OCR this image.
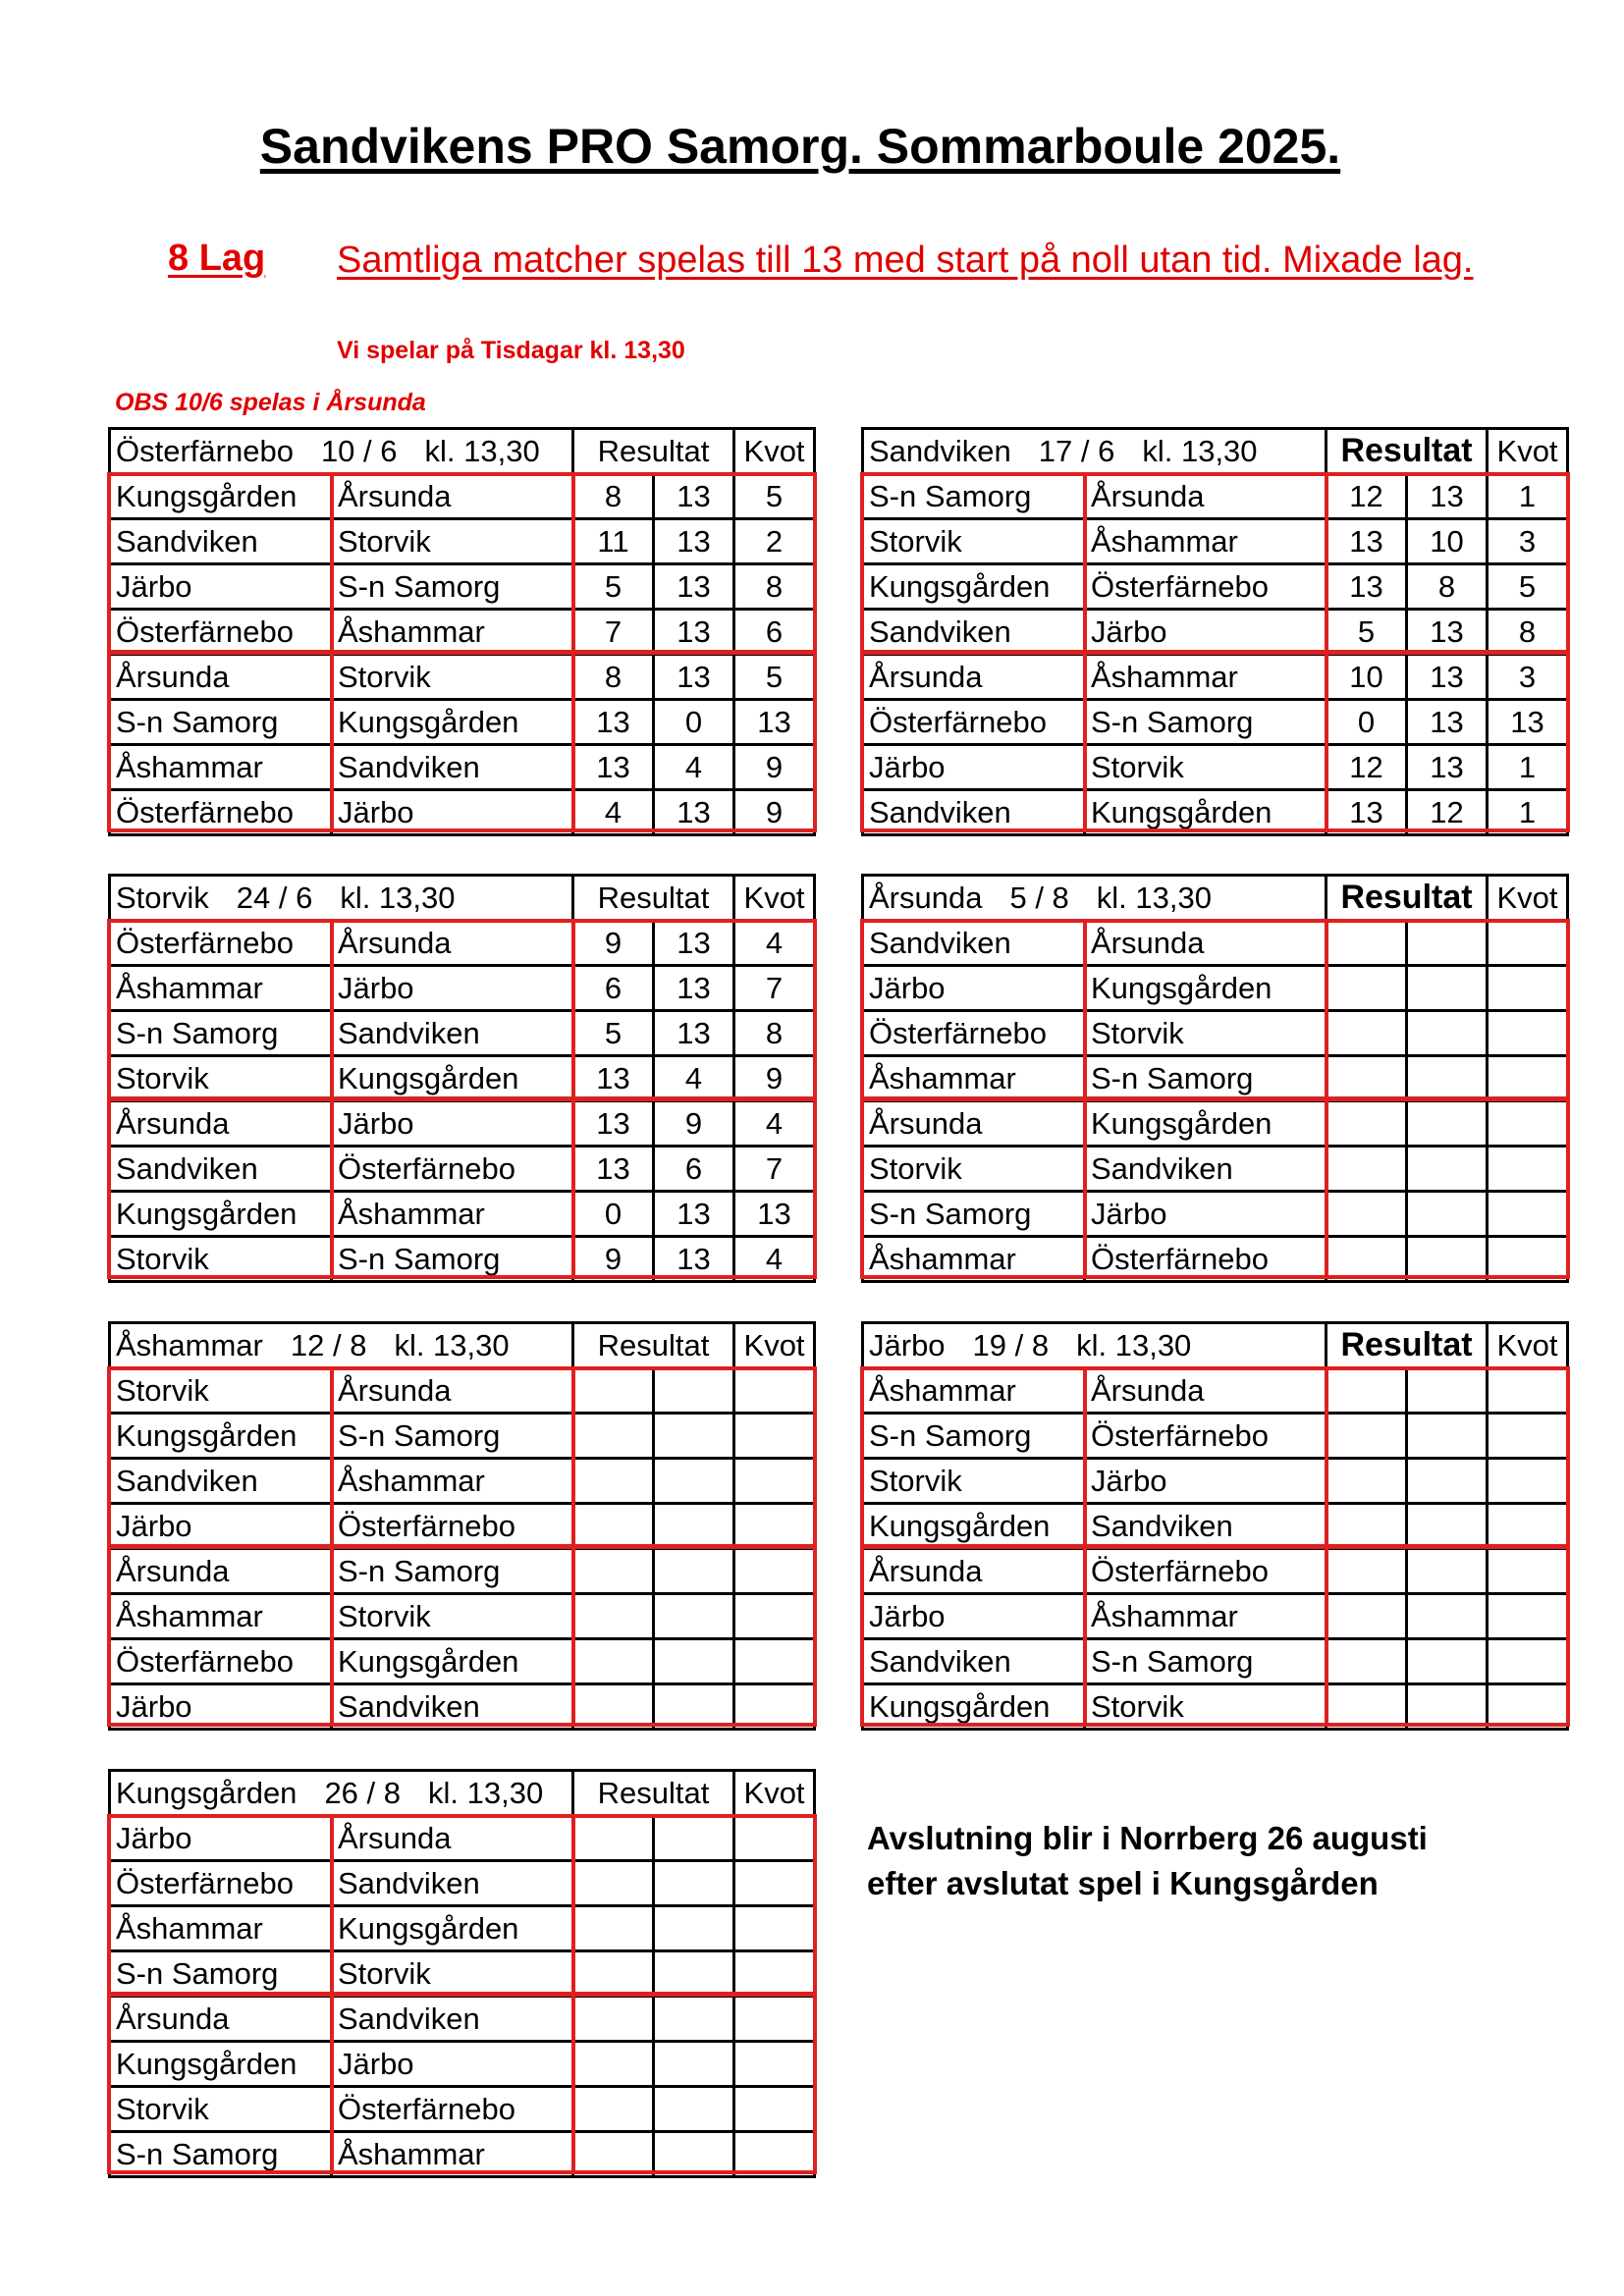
Sandvikens PRO Samorg. Sommarboule 2025.
8 Lag Samtliga matcher spelas till 13 med start på noll utan tid. Mixade lag.
Vi spelar på Tisdagar kl. 13,30
OBS 10/6 spelas i Årsunda
Avslutning blir i Norrberg 26 augusti
efter avslutat spel i Kungsgården
Österfärnebo 10 / 6 kl. 13,30		Resultat		Kvot
Kungsgården	Årsunda	8	13	5
Sandviken	Storvik	11	13	2
Järbo	S-n Samorg	5	13	8
Österfärnebo	Åshammar	7	13	6
Årsunda	Storvik	8	13	5
S-n Samorg	Kungsgården	13	0	13
Åshammar	Sandviken	13	4	9
Österfärnebo	Järbo	4	13	9
Sandviken 17 / 6 kl. 13,30		Resultat		Kvot
S-n Samorg	Årsunda	12	13	1
Storvik	Åshammar	13	10	3
Kungsgården	Österfärnebo	13	8	5
Sandviken	Järbo	5	13	8
Årsunda	Åshammar	10	13	3
Österfärnebo	S-n Samorg	0	13	13
Järbo	Storvik	12	13	1
Sandviken	Kungsgården	13	12	1
Storvik 24 / 6 kl. 13,30		Resultat		Kvot
Österfärnebo	Årsunda	9	13	4
Åshammar	Järbo	6	13	7
S-n Samorg	Sandviken	5	13	8
Storvik	Kungsgården	13	4	9
Årsunda	Järbo	13	9	4
Sandviken	Österfärnebo	13	6	7
Kungsgården	Åshammar	0	13	13
Storvik	S-n Samorg	9	13	4
Årsunda 5 / 8 kl. 13,30		Resultat		Kvot
Sandviken	Årsunda			
Järbo	Kungsgården			
Österfärnebo	Storvik			
Åshammar	S-n Samorg			
Årsunda	Kungsgården			
Storvik	Sandviken			
S-n Samorg	Järbo			
Åshammar	Österfärnebo			
Åshammar 12 / 8 kl. 13,30		Resultat		Kvot
Storvik	Årsunda			
Kungsgården	S-n Samorg			
Sandviken	Åshammar			
Järbo	Österfärnebo			
Årsunda	S-n Samorg			
Åshammar	Storvik			
Österfärnebo	Kungsgården			
Järbo	Sandviken			
Järbo 19 / 8 kl. 13,30		Resultat		Kvot
Åshammar	Årsunda			
S-n Samorg	Österfärnebo			
Storvik	Järbo			
Kungsgården	Sandviken			
Årsunda	Österfärnebo			
Järbo	Åshammar			
Sandviken	S-n Samorg			
Kungsgården	Storvik			
Kungsgården 26 / 8 kl. 13,30		Resultat		Kvot
Järbo	Årsunda			
Österfärnebo	Sandviken			
Åshammar	Kungsgården			
S-n Samorg	Storvik			
Årsunda	Sandviken			
Kungsgården	Järbo			
Storvik	Österfärnebo			
S-n Samorg	Åshammar			
